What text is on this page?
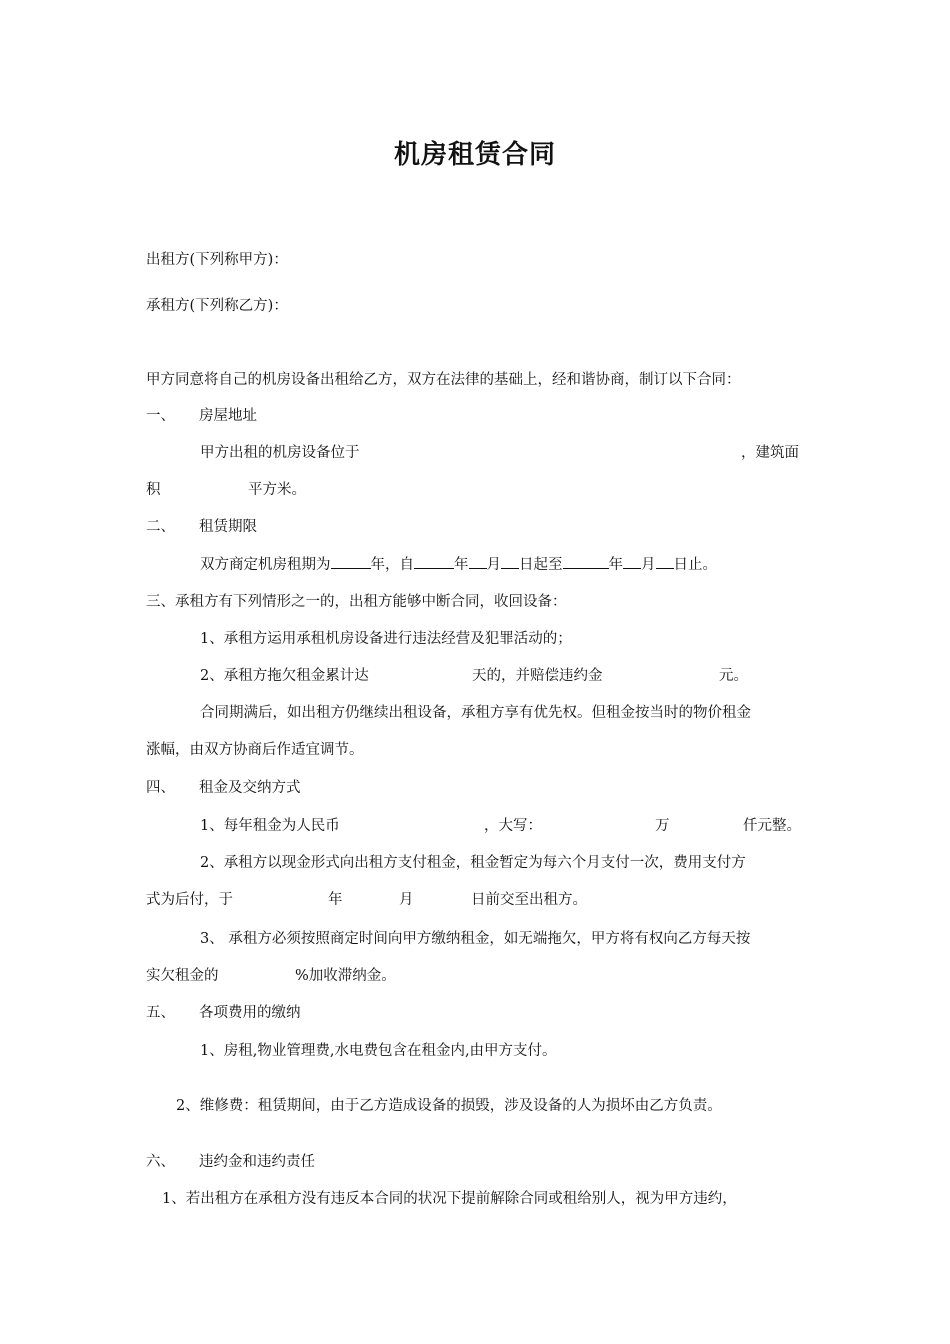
机房租赁合同
出租方(下列称甲方)：
承租方(下列称乙方)：
甲方同意将自己的机房设备出租给乙方，双方在法律的基础上，经和谐协商，制订以下合同：
一、 房屋地址
甲方出租的机房设备位于	，建筑面
积	平方米。
二、 租赁期限
双方商定机房租期为	年，自	年 月 日起至	年 月 日止。
三、承租方有下列情形之一的，出租方能够中断合同，收回设备：
1、承租方运用承租机房设备进行违法经营及犯罪活动的；
2、承租方拖欠租金累计达	天的，并赔偿违约金	元。
合同期满后，如出租方仍继续出租设备，承租方享有优先权。但租金按当时的物价租金
涨幅，由双方协商后作适宜调节。
四、 租金及交纳方式
1、每年租金为人民币	，大写：	万	仟元整。
2、承租方以现金形式向出租方支付租金，租金暂定为每六个月支付一次，费用支付方
式为后付，于	年	月	日前交至出租方。
3、 承租方必须按照商定时间向甲方缴纳租金，如无端拖欠，甲方将有权向乙方每天按
实欠租金的	%加收滞纳金。
五、 各项费用的缴纳
1、房租,物业管理费,水电费包含在租金内,由甲方支付。
2、维修费：租赁期间，由于乙方造成设备的损毁，涉及设备的人为损坏由乙方负责。
六、 违约金和违约责任
1、若出租方在承租方没有违反本合同的状况下提前解除合同或租给别人，视为甲方违约，
